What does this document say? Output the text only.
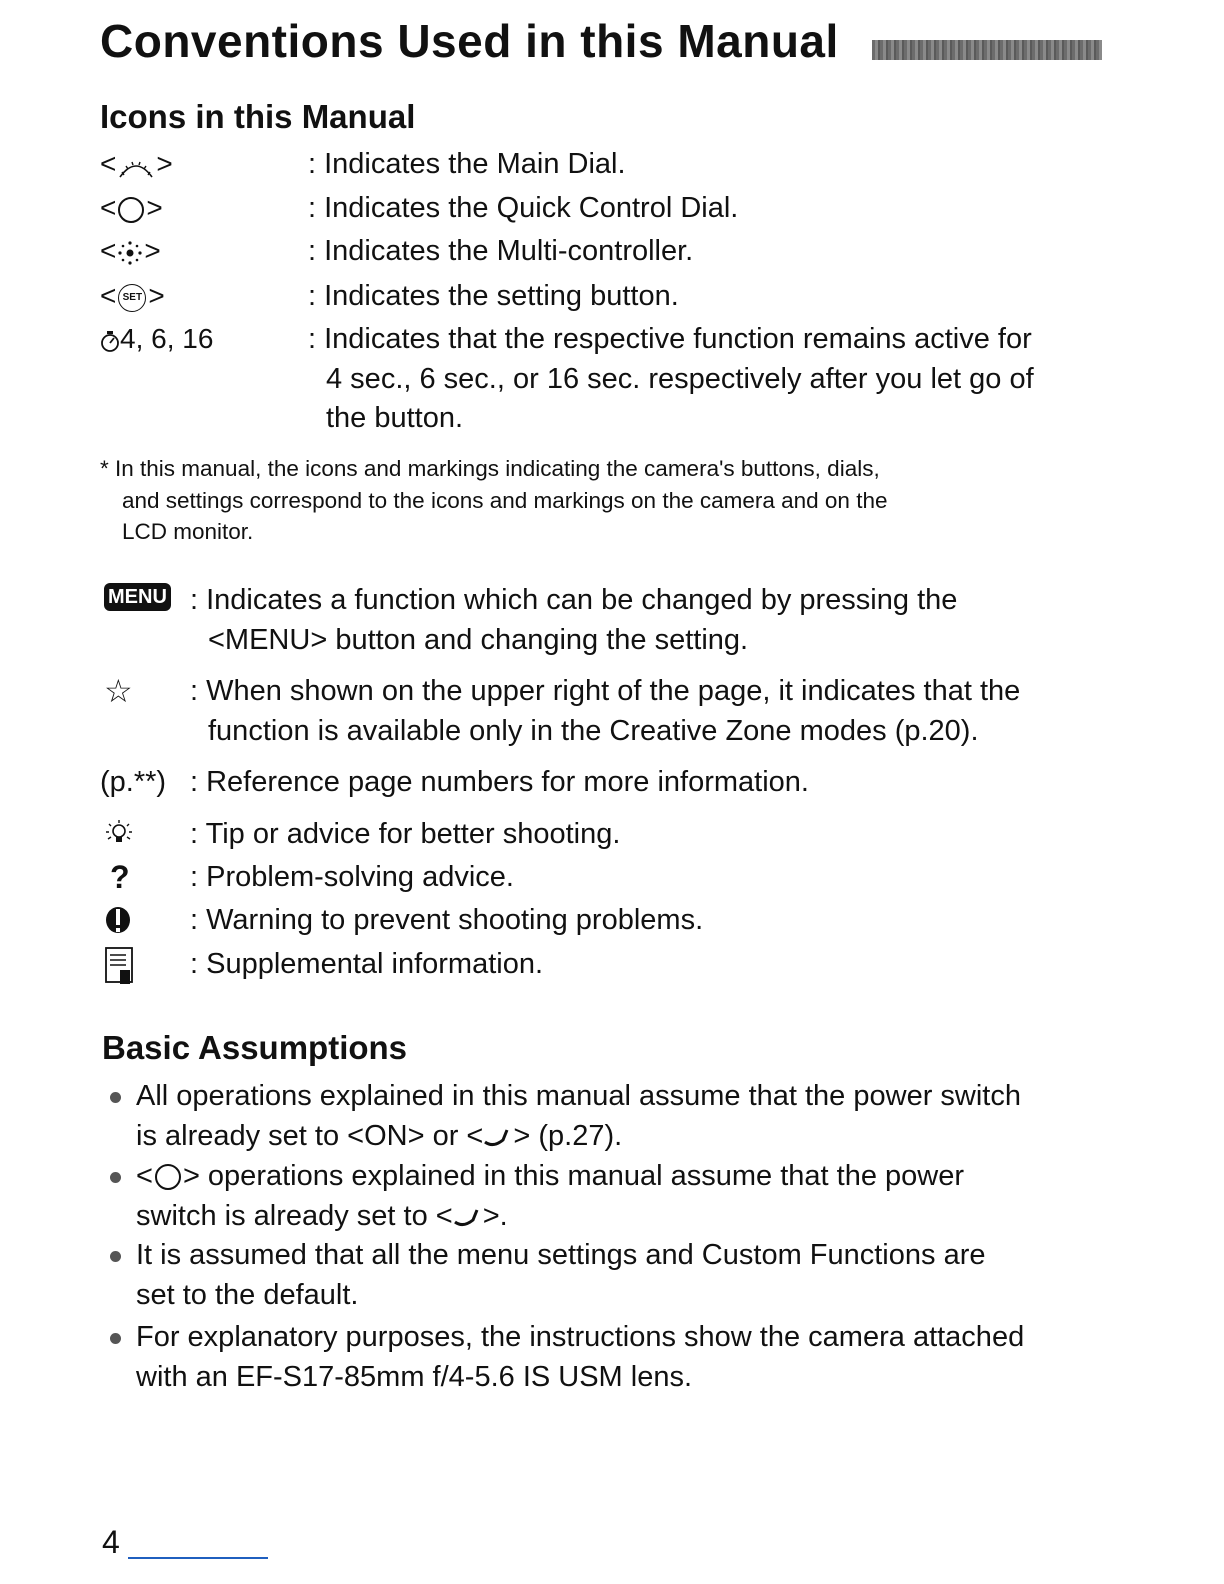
Conventions Used in this Manual
Icons in this Manual
< >	: Indicates the Main Dial.
< >	: Indicates the Quick Control Dial.
< >	: Indicates the Multi-controller.
< SET >	: Indicates the setting button.
4, 6, 16	: Indicates that the respective function remains active for
4 sec., 6 sec., or 16 sec. respectively after you let go of
the button.
* In this manual, the icons and markings indicating the camera's buttons, dials,
and settings correspond to the icons and markings on the camera and on the
LCD monitor.
MENU : Indicates a function which can be changed by pressing the
<MENU> button and changing the setting.
☆ : When shown on the upper right of the page, it indicates that the
function is available only in the Creative Zone modes (p.20).
(p.**) : Reference page numbers for more information.
: Tip or advice for better shooting.
? : Problem-solving advice.
: Warning to prevent shooting problems.
: Supplemental information.
Basic Assumptions
All operations explained in this manual assume that the power switch
is already set to <ON> or < > (p.27).
< > operations explained in this manual assume that the power
switch is already set to < >.
It is assumed that all the menu settings and Custom Functions are
set to the default.
For explanatory purposes, the instructions show the camera attached
with an EF-S17-85mm f/4-5.6 IS USM lens.
4
